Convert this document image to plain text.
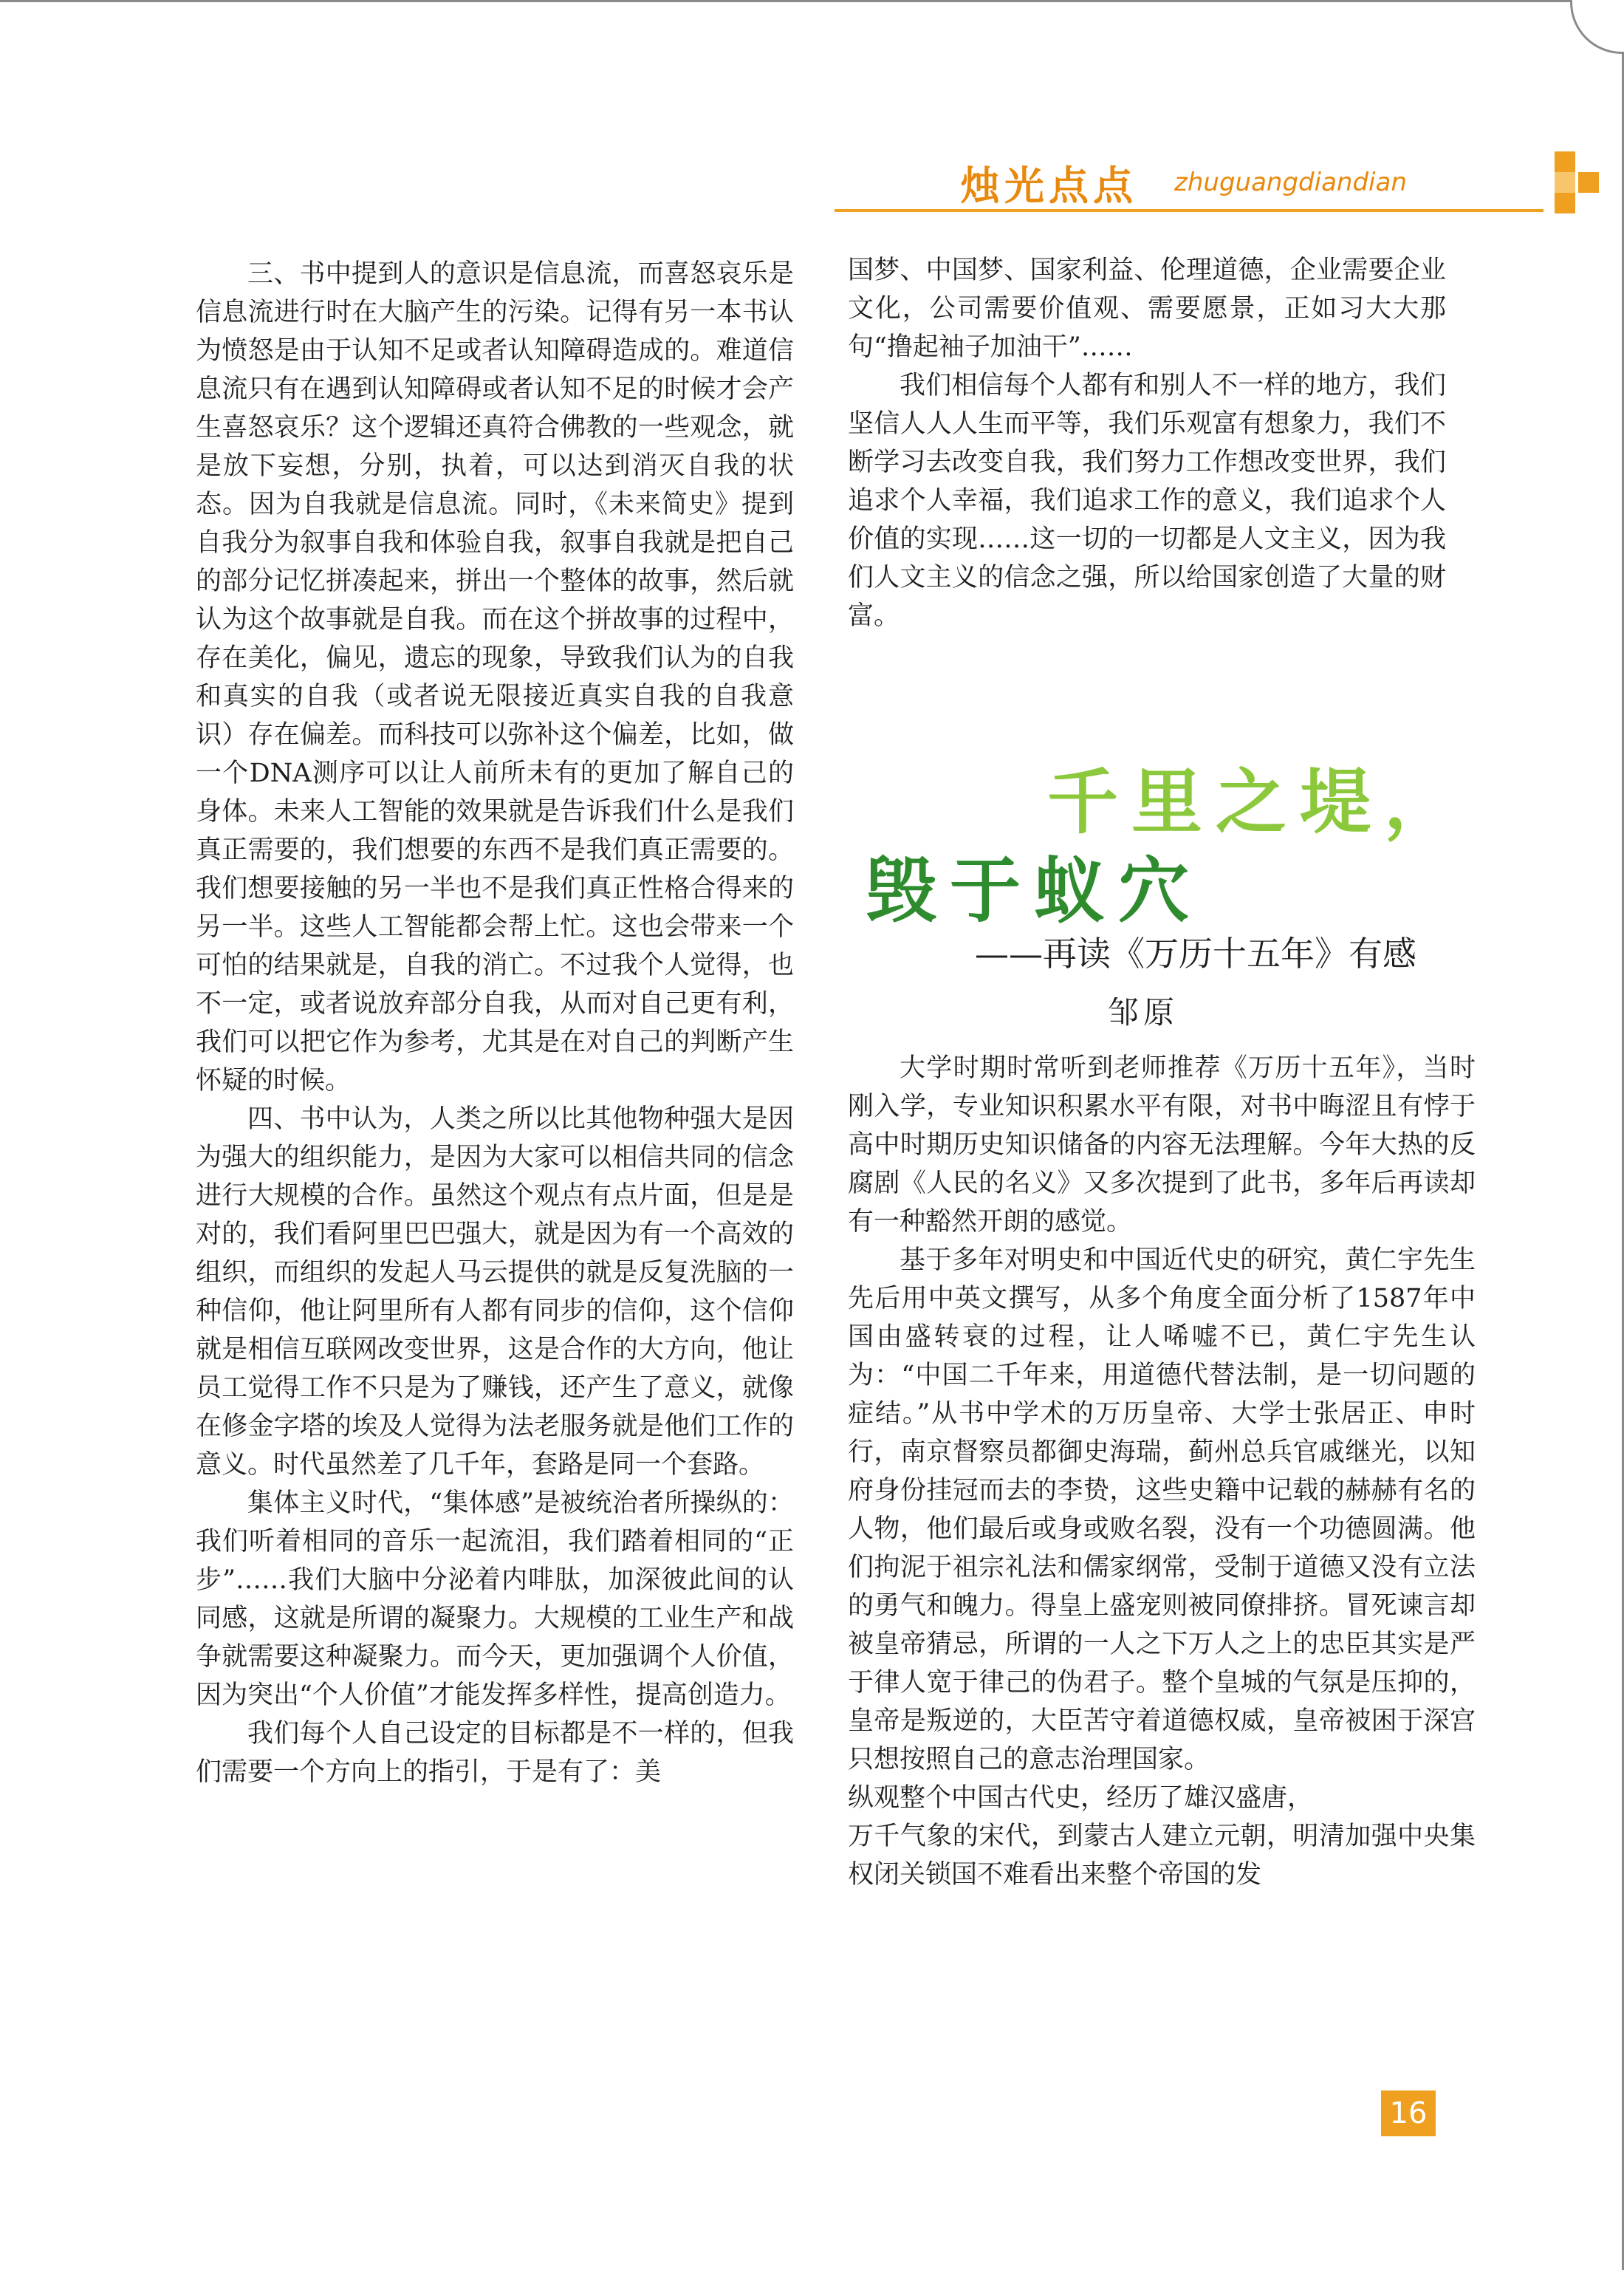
烛光点点 zhuguangdiandian

三、书中提到人的意识是信息流，而喜怒哀乐是信息流进行时在大脑产生的污染。记得有另一本书认为愤怒是由于认知不足或者认知障碍造成的。难道信息流只有在遇到认知障碍或者认知不足的时候才会产生喜怒哀乐？这个逻辑还真符合佛教的一些观念，就是放下妄想，分别，执着，可以达到消灭自我的状态。因为自我就是信息流。同时，《未来简史》提到自我分为叙事自我和体验自我，叙事自我就是把自己的部分记忆拼凑起来，拼出一个整体的故事，然后就认为这个故事就是自我。而在这个拼故事的过程中，存在美化，偏见，遗忘的现象，导致我们认为的自我和真实的自我（或者说无限接近真实自我的自我意识）存在偏差。而科技可以弥补这个偏差，比如，做一个DNA测序可以让人前所未有的更加了解自己的身体。未来人工智能的效果就是告诉我们什么是我们真正需要的，我们想要的东西不是我们真正需要的。我们想要接触的另一半也不是我们真正性格合得来的另一半。这些人工智能都会帮上忙。这也会带来一个可怕的结果就是，自我的消亡。不过我个人觉得，也不一定，或者说放弃部分自我，从而对自己更有利，我们可以把它作为参考，尤其是在对自己的判断产生怀疑的时候。

四、书中认为，人类之所以比其他物种强大是因为强大的组织能力，是因为大家可以相信共同的信念进行大规模的合作。虽然这个观点有点片面，但是是对的，我们看阿里巴巴强大，就是因为有一个高效的组织，而组织的发起人马云提供的就是反复洗脑的一种信仰，他让阿里所有人都有同步的信仰，这个信仰就是相信互联网改变世界，这是合作的大方向，他让员工觉得工作不只是为了赚钱，还产生了意义，就像在修金字塔的埃及人觉得为法老服务就是他们工作的意义。时代虽然差了几千年，套路是同一个套路。

集体主义时代，“集体感”是被统治者所操纵的：我们听着相同的音乐一起流泪，我们踏着相同的“正步”……我们大脑中分泌着内啡肽，加深彼此间的认同感，这就是所谓的凝聚力。大规模的工业生产和战争就需要这种凝聚力。而今天，更加强调个人价值，因为突出“个人价值”才能发挥多样性，提高创造力。

我们每个人自己设定的目标都是不一样的，但我们需要一个方向上的指引，于是有了：美

国梦、中国梦、国家利益、伦理道德，企业需要企业文化，公司需要价值观、需要愿景，正如习大大那句“撸起袖子加油干”……

我们相信每个人都有和别人不一样的地方，我们坚信人人人生而平等，我们乐观富有想象力，我们不断学习去改变自我，我们努力工作想改变世界，我们追求个人幸福，我们追求工作的意义，我们追求个人价值的实现……这一切的一切都是人文主义，因为我们人文主义的信念之强，所以给国家创造了大量的财富。

千里之堤，
毁于蚁穴
——再读《万历十五年》有感
邹原

大学时期时常听到老师推荐《万历十五年》，当时刚入学，专业知识积累水平有限，对书中晦涩且有悖于高中时期历史知识储备的内容无法理解。今年大热的反腐剧《人民的名义》又多次提到了此书，多年后再读却有一种豁然开朗的感觉。

基于多年对明史和中国近代史的研究，黄仁宇先生先后用中英文撰写，从多个角度全面分析了1587年中国由盛转衰的过程，让人唏嘘不已，黄仁宇先生认为：“中国二千年来，用道德代替法制，是一切问题的症结。”从书中学术的万历皇帝、大学士张居正、申时行，南京督察员都御史海瑞，蓟州总兵官戚继光，以知府身份挂冠而去的李贽，这些史籍中记载的赫赫有名的人物，他们最后或身或败名裂，没有一个功德圆满。他们拘泥于祖宗礼法和儒家纲常，受制于道德又没有立法的勇气和魄力。得皇上盛宠则被同僚排挤。冒死谏言却被皇帝猜忌，所谓的一人之下万人之上的忠臣其实是严于律人宽于律己的伪君子。整个皇城的气氛是压抑的，皇帝是叛逆的，大臣苦守着道德权威，皇帝被困于深宫只想按照自己的意志治理国家。

纵观整个中国古代史，经历了雄汉盛唐，

万千气象的宋代，到蒙古人建立元朝，明清加强中央集权闭关锁国不难看出来整个帝国的发

16
